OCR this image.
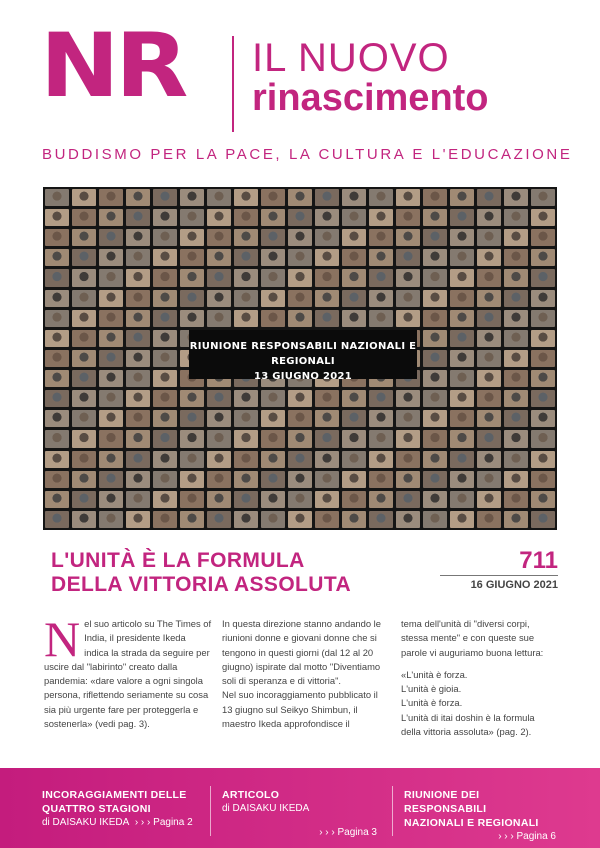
NR IL NUOVO
rinascimento
BUDDISMO PER LA PACE, LA CULTURA E L'EDUCAZIONE
RIUNIONE RESPONSABILI NAZIONALI E REGIONALI
13 GIUGNO 2021
L'UNITÀ È LA FORMULA
DELLA VITTORIA ASSOLUTA
711
16 GIUGNO 2021
N el suo articolo su The Times of India, il presidente Ikeda indica la strada da seguire per uscire dal "labirinto" creato dalla pandemia: «dare valore a ogni singola persona, riflettendo seriamente su cosa sia più urgente fare per proteggerla e sostenerla» (vedi pag. 3).
In questa direzione stanno andando le riunioni donne e giovani donne che si tengono in questi giorni (dal 12 al 20 giugno) ispirate dal motto "Diventiamo soli di speranza e di vittoria".
Nel suo incoraggiamento pubblicato il 13 giugno sul Seikyo Shimbun, il maestro Ikeda approfondisce il
tema dell'unità di "diversi corpi, stessa mente" e con queste sue parole vi auguriamo buona lettura:
«L'unità è forza.
L'unità è gioia.
L'unità è forza.
L'unità di itai doshin è la formula della vittoria assoluta» (pag. 2).
INCORAGGIAMENTI DELLE
QUATTRO STAGIONI
di DAISAKU IKEDA › › › Pagina 2
ARTICOLO
di DAISAKU IKEDA
› › › Pagina 3
RIUNIONE DEI RESPONSABILI
NAZIONALI E REGIONALI
› › › Pagina 6
